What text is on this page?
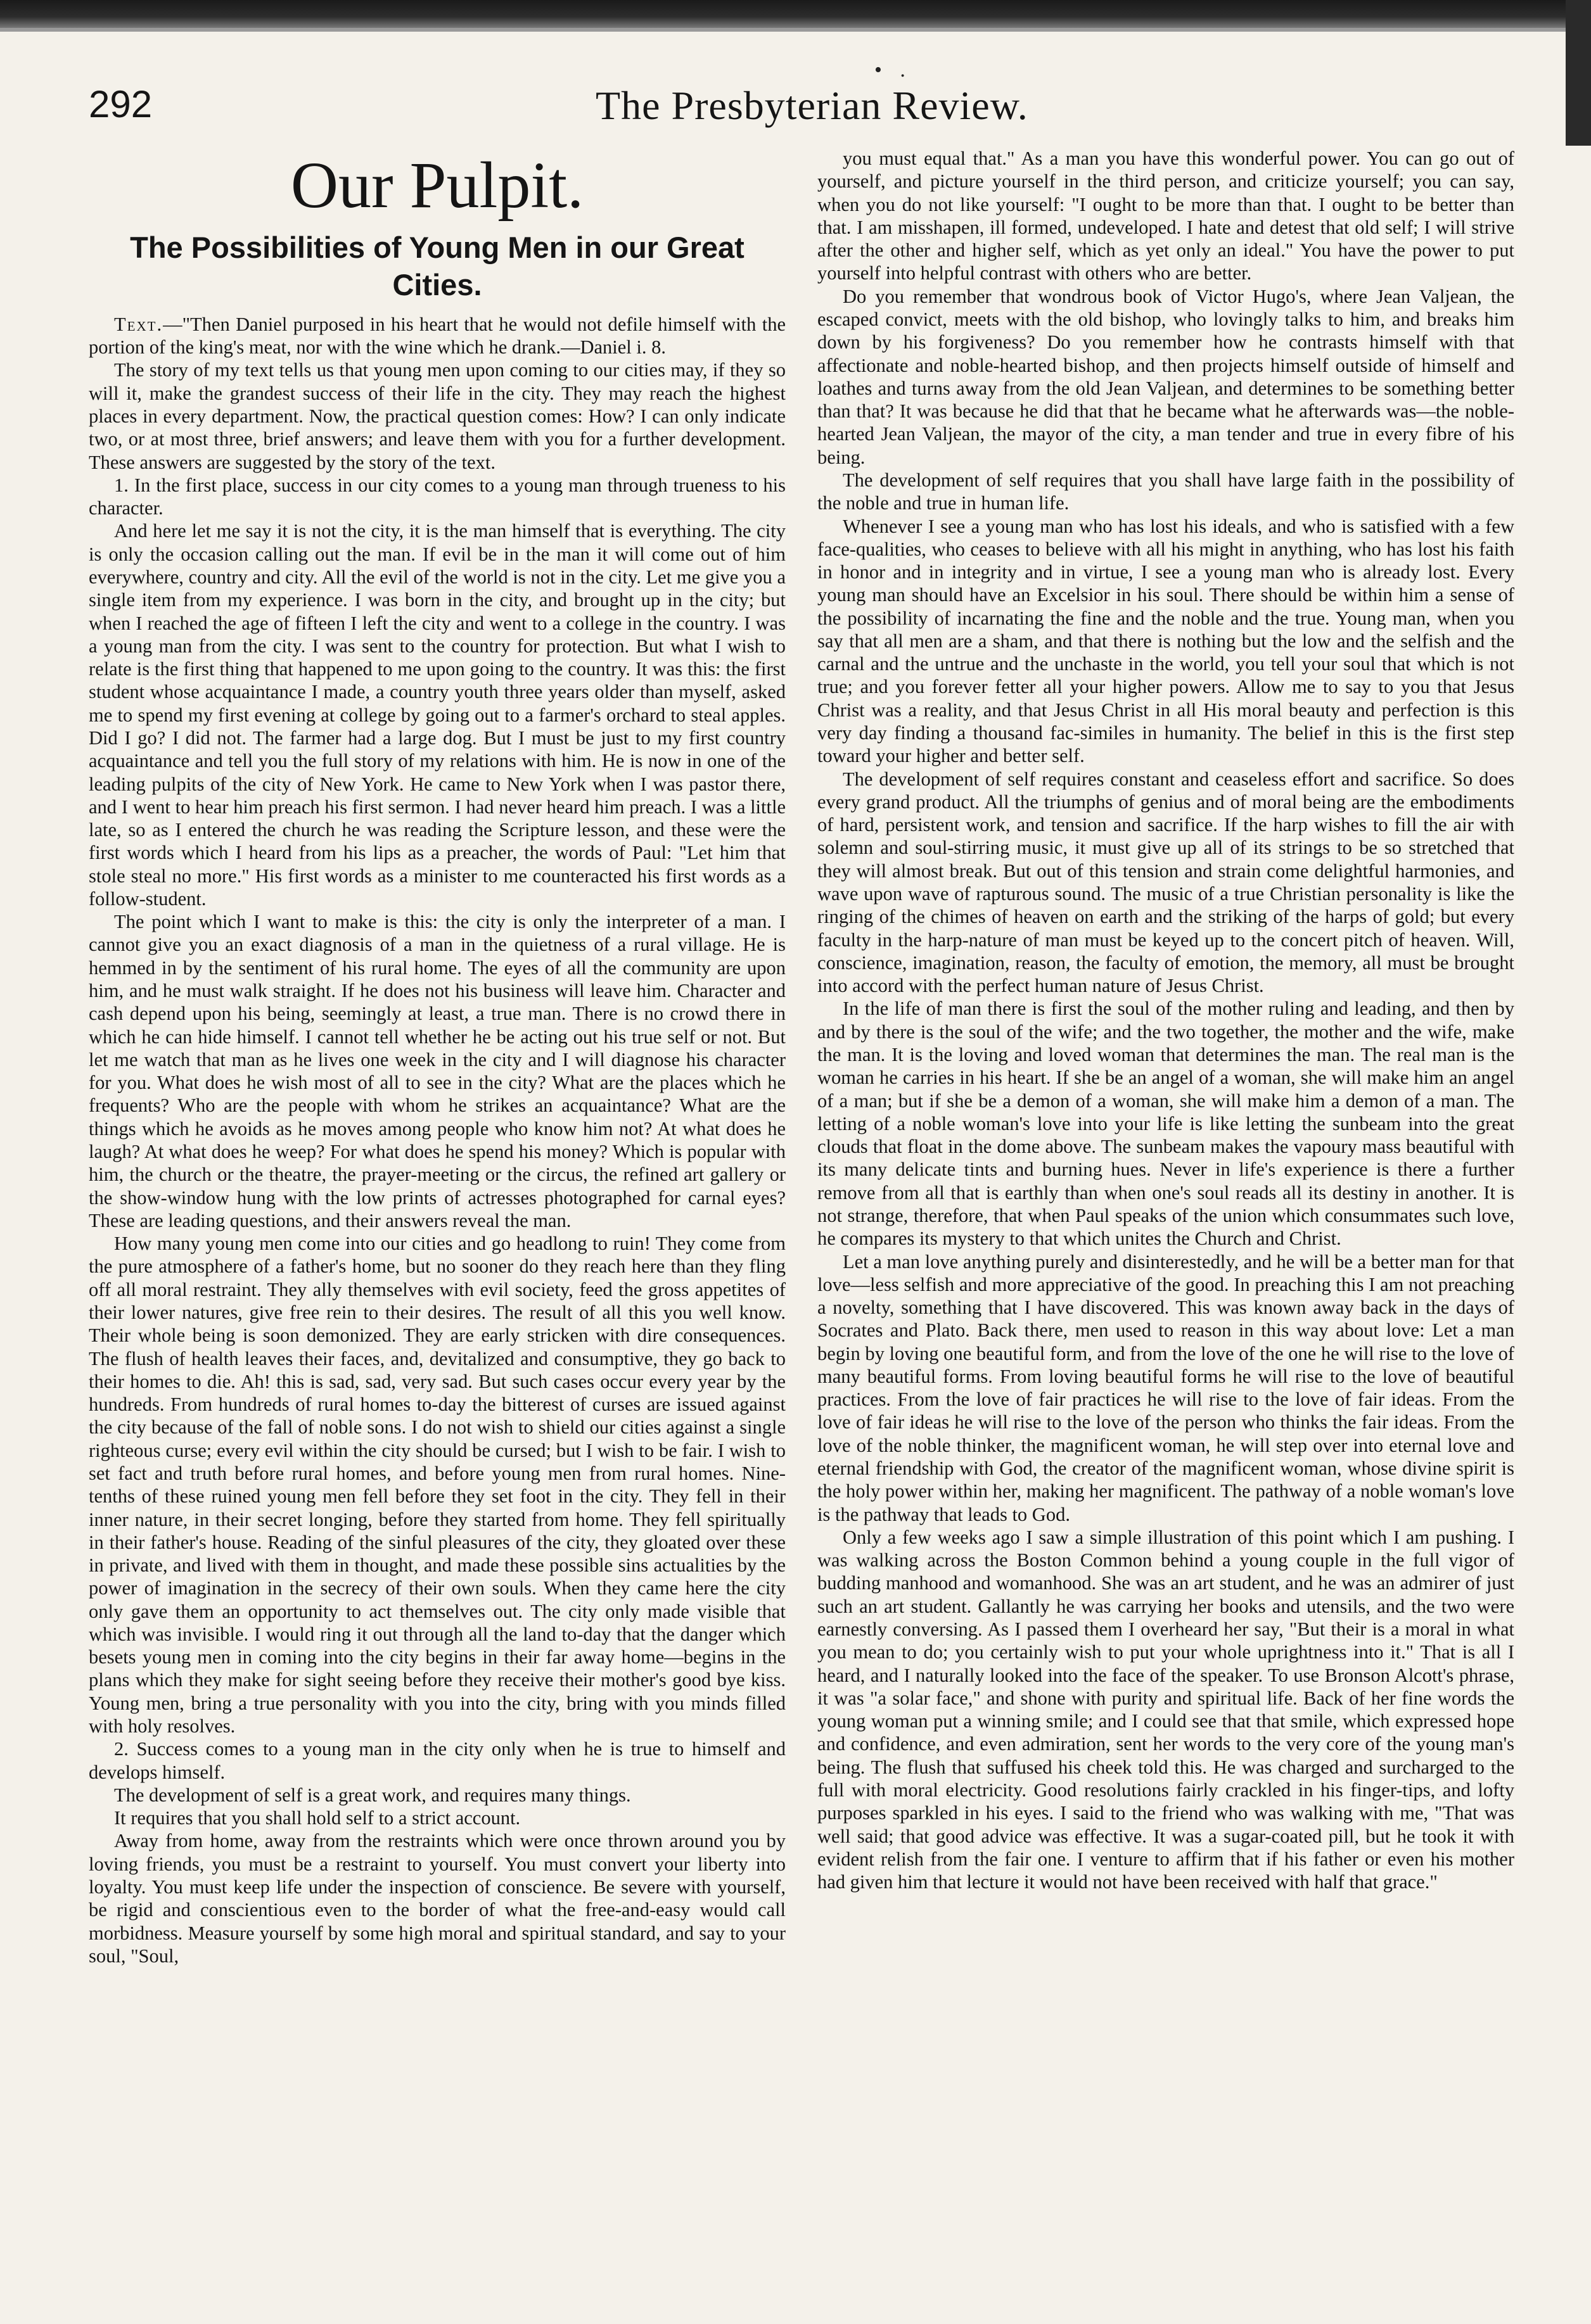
• .
292	The Presbyterian Review.
Our Pulpit.
The Possibilities of Young Men in our Great Cities.

Text.—"Then Daniel purposed in his heart that he would not defile himself with the portion of the king's meat, nor with the wine which he drank.—Daniel i. 8.

The story of my text tells us that young men upon coming to our cities may, if they so will it, make the grandest success of their life in the city. They may reach the highest places in every department. Now, the practical question comes: How? I can only indicate two, or at most three, brief answers; and leave them with you for a further development. These answers are suggested by the story of the text.

1. In the first place, success in our city comes to a young man through trueness to his character.

And here let me say it is not the city, it is the man himself that is everything. The city is only the occasion calling out the man. If evil be in the man it will come out of him everywhere, country and city. All the evil of the world is not in the city. Let me give you a single item from my experience. I was born in the city, and brought up in the city; but when I reached the age of fifteen I left the city and went to a college in the country. I was a young man from the city. I was sent to the country for protection. But what I wish to relate is the first thing that happened to me upon going to the country. It was this: the first student whose acquaintance I made, a country youth three years older than myself, asked me to spend my first evening at college by going out to a farmer's orchard to steal apples. Did I go? I did not. The farmer had a large dog. But I must be just to my first country acquaintance and tell you the full story of my relations with him. He is now in one of the leading pulpits of the city of New York. He came to New York when I was pastor there, and I went to hear him preach his first sermon. I had never heard him preach. I was a little late, so as I entered the church he was reading the Scripture lesson, and these were the first words which I heard from his lips as a preacher, the words of Paul: "Let him that stole steal no more." His first words as a minister to me counteracted his first words as a follow-student.

The point which I want to make is this: the city is only the interpreter of a man. I cannot give you an exact diagnosis of a man in the quietness of a rural village. He is hemmed in by the sentiment of his rural home. The eyes of all the community are upon him, and he must walk straight. If he does not his business will leave him. Character and cash depend upon his being, seemingly at least, a true man. There is no crowd there in which he can hide himself. I cannot tell whether he be acting out his true self or not. But let me watch that man as he lives one week in the city and I will diagnose his character for you. What does he wish most of all to see in the city? What are the places which he frequents? Who are the people with whom he strikes an acquaintance? What are the things which he avoids as he moves among people who know him not? At what does he laugh? At what does he weep? For what does he spend his money? Which is popular with him, the church or the theatre, the prayer-meeting or the circus, the refined art gallery or the show-window hung with the low prints of actresses photographed for carnal eyes? These are leading questions, and their answers reveal the man.

How many young men come into our cities and go headlong to ruin! They come from the pure atmosphere of a father's home, but no sooner do they reach here than they fling off all moral restraint. They ally themselves with evil society, feed the gross appetites of their lower natures, give free rein to their desires. The result of all this you well know. Their whole being is soon demonized. They are early stricken with dire consequences. The flush of health leaves their faces, and, devitalized and consumptive, they go back to their homes to die. Ah! this is sad, sad, very sad. But such cases occur every year by the hundreds. From hundreds of rural homes to-day the bitterest of curses are issued against the city because of the fall of noble sons. I do not wish to shield our cities against a single righteous curse; every evil within the city should be cursed; but I wish to be fair. I wish to set fact and truth before rural homes, and before young men from rural homes. Nine-tenths of these ruined young men fell before they set foot in the city. They fell in their inner nature, in their secret longing, before they started from home. They fell spiritually in their father's house. Reading of the sinful pleasures of the city, they gloated over these in private, and lived with them in thought, and made these possible sins actualities by the power of imagination in the secrecy of their own souls. When they came here the city only gave them an opportunity to act themselves out. The city only made visible that which was invisible. I would ring it out through all the land to-day that the danger which besets young men in coming into the city begins in their far away home—begins in the plans which they make for sight seeing before they receive their mother's good bye kiss. Young men, bring a true personality with you into the city, bring with you minds filled with holy resolves.

2. Success comes to a young man in the city only when he is true to himself and develops himself.

The development of self is a great work, and requires many things.

It requires that you shall hold self to a strict account.

Away from home, away from the restraints which were once thrown around you by loving friends, you must be a restraint to yourself. You must convert your liberty into loyalty. You must keep life under the inspection of conscience. Be severe with yourself, be rigid and conscientious even to the border of what the free-and-easy would call morbidness. Measure yourself by some high moral and spiritual standard, and say to your soul, "Soul,

you must equal that." As a man you have this wonderful power. You can go out of yourself, and picture yourself in the third person, and criticize yourself; you can say, when you do not like yourself: "I ought to be more than that. I ought to be better than that. I am misshapen, ill formed, undeveloped. I hate and detest that old self; I will strive after the other and higher self, which as yet only an ideal." You have the power to put yourself into helpful contrast with others who are better.

Do you remember that wondrous book of Victor Hugo's, where Jean Valjean, the escaped convict, meets with the old bishop, who lovingly talks to him, and breaks him down by his forgiveness? Do you remember how he contrasts himself with that affectionate and noble-hearted bishop, and then projects himself outside of himself and loathes and turns away from the old Jean Valjean, and determines to be something better than that? It was because he did that that he became what he afterwards was—the noble-hearted Jean Valjean, the mayor of the city, a man tender and true in every fibre of his being.

The development of self requires that you shall have large faith in the possibility of the noble and true in human life.

Whenever I see a young man who has lost his ideals, and who is satisfied with a few face-qualities, who ceases to believe with all his might in anything, who has lost his faith in honor and in integrity and in virtue, I see a young man who is already lost. Every young man should have an Excelsior in his soul. There should be within him a sense of the possibility of incarnating the fine and the noble and the true. Young man, when you say that all men are a sham, and that there is nothing but the low and the selfish and the carnal and the untrue and the unchaste in the world, you tell your soul that which is not true; and you forever fetter all your higher powers. Allow me to say to you that Jesus Christ was a reality, and that Jesus Christ in all His moral beauty and perfection is this very day finding a thousand fac-similes in humanity. The belief in this is the first step toward your higher and better self.

The development of self requires constant and ceaseless effort and sacrifice. So does every grand product. All the triumphs of genius and of moral being are the embodiments of hard, persistent work, and tension and sacrifice. If the harp wishes to fill the air with solemn and soul-stirring music, it must give up all of its strings to be so stretched that they will almost break. But out of this tension and strain come delightful harmonies, and wave upon wave of rapturous sound. The music of a true Christian personality is like the ringing of the chimes of heaven on earth and the striking of the harps of gold; but every faculty in the harp-nature of man must be keyed up to the concert pitch of heaven. Will, conscience, imagination, reason, the faculty of emotion, the memory, all must be brought into accord with the perfect human nature of Jesus Christ.

In the life of man there is first the soul of the mother ruling and leading, and then by and by there is the soul of the wife; and the two together, the mother and the wife, make the man. It is the loving and loved woman that determines the man. The real man is the woman he carries in his heart. If she be an angel of a woman, she will make him an angel of a man; but if she be a demon of a woman, she will make him a demon of a man. The letting of a noble woman's love into your life is like letting the sunbeam into the great clouds that float in the dome above. The sunbeam makes the vapoury mass beautiful with its many delicate tints and burning hues. Never in life's experience is there a further remove from all that is earthly than when one's soul reads all its destiny in another. It is not strange, therefore, that when Paul speaks of the union which consummates such love, he compares its mystery to that which unites the Church and Christ.

Let a man love anything purely and disinterestedly, and he will be a better man for that love—less selfish and more appreciative of the good. In preaching this I am not preaching a novelty, something that I have discovered. This was known away back in the days of Socrates and Plato. Back there, men used to reason in this way about love: Let a man begin by loving one beautiful form, and from the love of the one he will rise to the love of many beautiful forms. From loving beautiful forms he will rise to the love of beautiful practices. From the love of fair practices he will rise to the love of fair ideas. From the love of fair ideas he will rise to the love of the person who thinks the fair ideas. From the love of the noble thinker, the magnificent woman, he will step over into eternal love and eternal friendship with God, the creator of the magnificent woman, whose divine spirit is the holy power within her, making her magnificent. The pathway of a noble woman's love is the pathway that leads to God.

Only a few weeks ago I saw a simple illustration of this point which I am pushing. I was walking across the Boston Common behind a young couple in the full vigor of budding manhood and womanhood. She was an art student, and he was an admirer of just such an art student. Gallantly he was carrying her books and utensils, and the two were earnestly conversing. As I passed them I overheard her say, "But their is a moral in what you mean to do; you certainly wish to put your whole uprightness into it." That is all I heard, and I naturally looked into the face of the speaker. To use Bronson Alcott's phrase, it was "a solar face," and shone with purity and spiritual life. Back of her fine words the young woman put a winning smile; and I could see that that smile, which expressed hope and confidence, and even admiration, sent her words to the very core of the young man's being. The flush that suffused his cheek told this. He was charged and surcharged to the full with moral electricity. Good resolutions fairly crackled in his finger-tips, and lofty purposes sparkled in his eyes. I said to the friend who was walking with me, "That was well said; that good advice was effective. It was a sugar-coated pill, but he took it with evident relish from the fair one. I venture to affirm that if his father or even his mother had given him that lecture it would not have been received with half that grace."
